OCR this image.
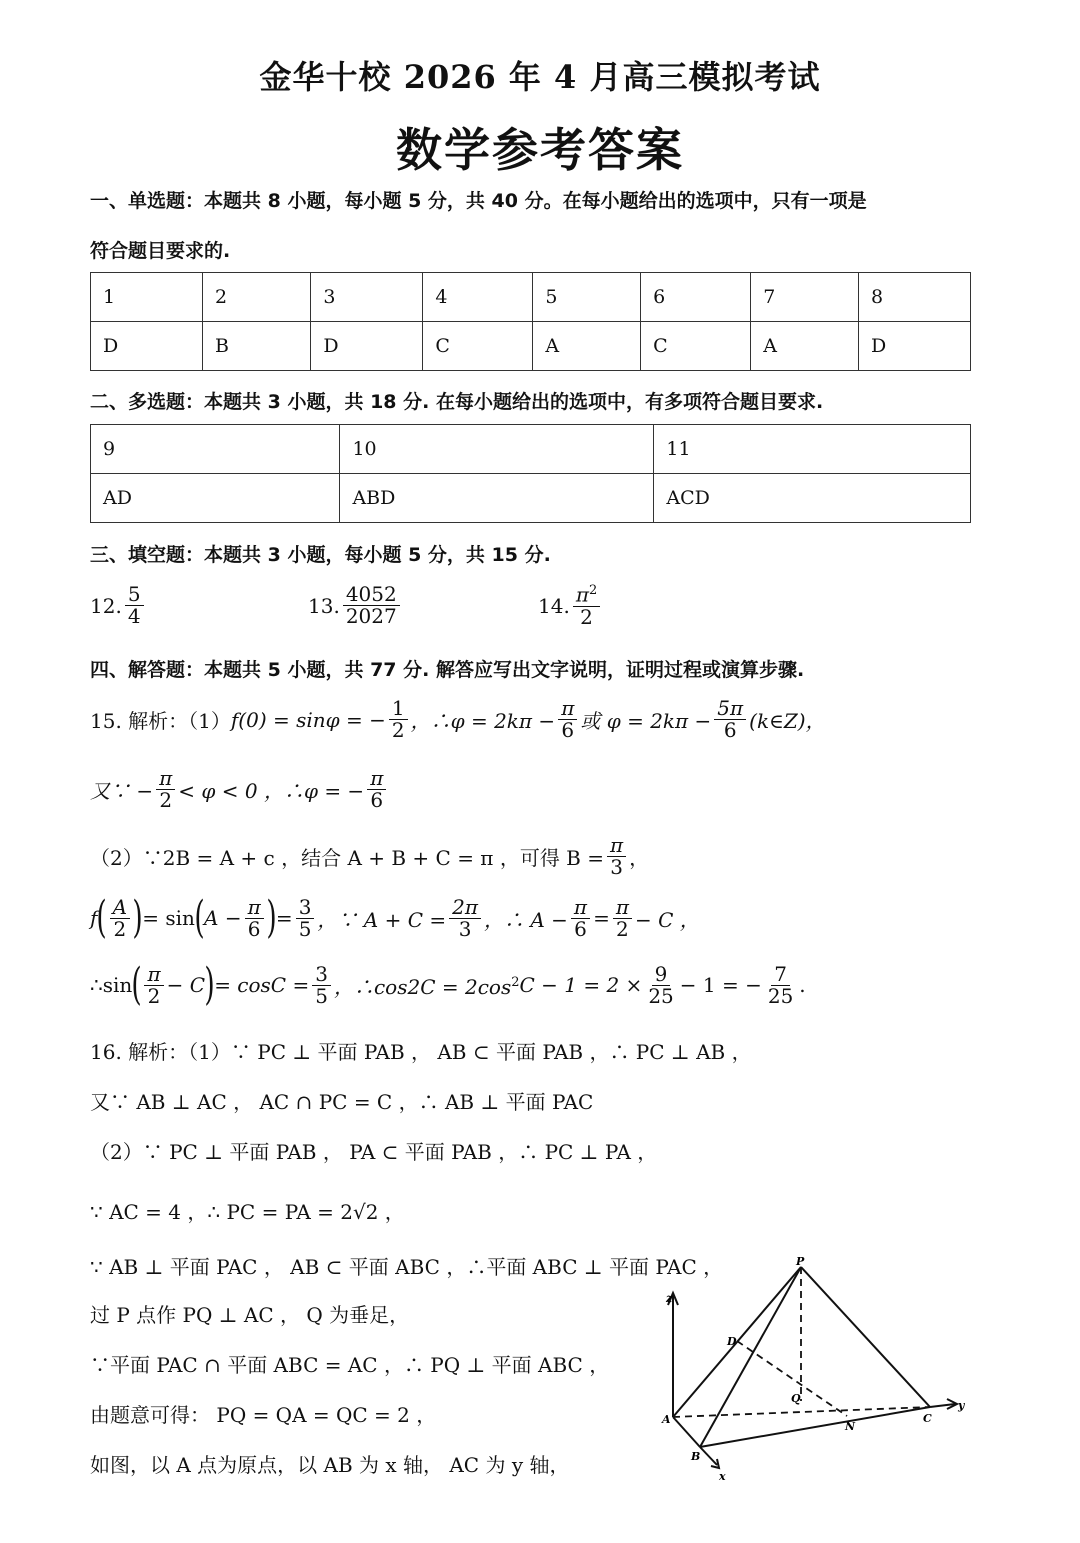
金华十校 2026 年 4 月高三模拟考试
数学参考答案
一、单选题：本题共 8 小题，每小题 5 分，共 40 分。在每小题给出的选项中，只有一项是
符合题目要求的.
1	2	3	4	5	6	7	8
D	B	D	C	A	C	A	D
二、多选题：本题共 3 小题，共 18 分. 在每小题给出的选项中，有多项符合题目要求.
9	10	11
AD	ABD	ACD
三、填空题：本题共 3 小题，每小题 5 分，共 15 分.
12. $\frac{5}{4}$	13. $\frac{4052}{2027}$	14. $\frac{\pi^2}{2}$
四、解答题：本题共 5 小题，共 77 分. 解答应写出文字说明，证明过程或演算步骤.
15. 解析：（1） f(0) = sinφ = − $\frac{1}{2}$ ，∴φ = $2k\pi - \frac{\pi}{6}$ 或 $\varphi = 2k\pi - \frac{5\pi}{6}$ (k∈Z)，
又∵ − $\frac{\pi}{2} < \varphi < 0$ ，∴φ = − $\frac{\pi}{6}$
（2）∵2B = A + c ，结合 A + B + C = π ，可得 $B = \frac{\pi}{3}$ ，
f ( $\frac{A}{2}$ ) = sin ( $A - \frac{\pi}{6}$ ) = $\frac{3}{5}$ ，∵ $A + C = \frac{2\pi}{3}$ ，∴ $A - \frac{\pi}{6} = \frac{\pi}{2} - C$ ，
∴sin ( $\frac{\pi}{2} - C$ ) = $\cos C = \frac{3}{5}$ ，∴cos2C = 2cos 2 $C - 1 = 2 \times \frac{9}{25} - 1$ = − $\frac{7}{25}$ .
16. 解析：（1）∵ PC ⊥ 平面 PAB ， AB ⊂ 平面 PAB ，∴ PC ⊥ AB ，
又∵ AB ⊥ AC ， AC ∩ PC = C ，∴ AB ⊥ 平面 PAC
（2）∵ PC ⊥ 平面 PAB ， PA ⊂ 平面 PAB ，∴ PC ⊥ PA ，
∵ AC = 4 ，∴ PC = PA = 2√2 ，
∵ AB ⊥ 平面 PAC ， AB ⊂ 平面 ABC ，∴平面 ABC ⊥ 平面 PAC ，
过 P 点作 PQ ⊥ AC ， Q 为垂足，
∵平面 PAC ∩ 平面 ABC = AC ，∴ PQ ⊥ 平面 ABC ，
由题意可得： PQ = QA = QC = 2 ，
如图，以 A 点为原点，以 AB 为 x 轴， AC 为 y 轴，
P
D
Q
A
B
N
C
z
x
y
